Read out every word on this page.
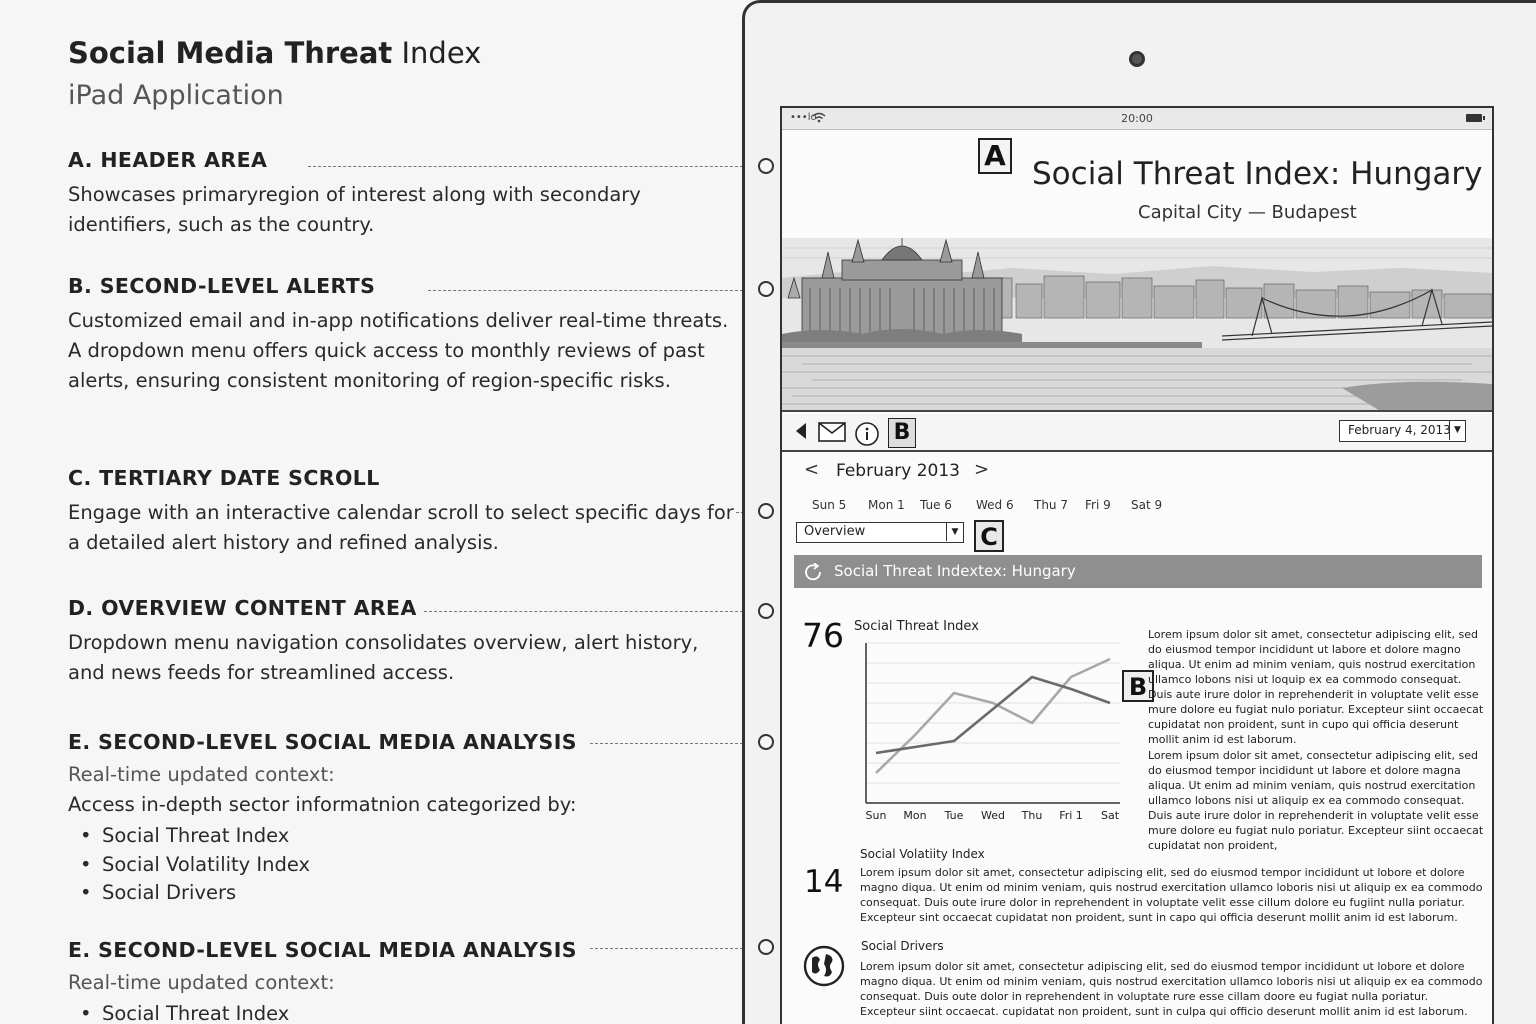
Social Media Threat Index
iPad Application
A. HEADER AREA

Showcases primaryregion of interest along with secondary identifiers, such as the country.

B. SECOND-LEVEL ALERTS

Customized email and in-app notifications deliver real-time threats. A dropdown menu offers quick access to monthly reviews of past alerts, ensuring consistent monitoring of region-specific risks.

C. TERTIARY DATE SCROLL

Engage with an interactive calendar scroll to select specific days for a detailed alert history and refined analysis.

D. OVERVIEW CONTENT AREA

Dropdown menu navigation consolidates overview, alert history, and news feeds for streamlined access.

E. SECOND-LEVEL SOCIAL MEDIA ANALYSIS
Real-time updated context:
Access in-depth sector informatnion categorized by:
• Social Threat Index
• Social Volatility Index
• Social Drivers
E. SECOND-LEVEL SOCIAL MEDIA ANALYSIS
Real-time updated context:
• Social Threat Index
•••lo	20:00
A
Social Threat Index: Hungary
Capital City — Budapest
B	February 4, 2013 ▼
< February 2013 >
Sun 5 Mon 1 Tue 6 Wed 6 Thu 7 Fri 9 Sat 9
Overview	▼ C
Social Threat Indextex: Hungary
76 Social Threat Index
Sun Mon Tue Wed Thu Fri 1 Sat
B
Lorem ipsum dolor sit amet, consectetur adipiscing elit, sed do eiusmod tempor incididunt ut labore et dolore magno aliqua. Ut enim ad minim veniam, quis nostrud exercitation ullamco lobons nisi ut loquip ex ea commodo consequat. Duis aute irure dolor in reprehenderit in voluptate velit esse mure dolore eu fugiat nulo poriatur. Excepteur siint occaecat cupidatat non proident, sunt in cupo qui officia deserunt mollit anim id est laborum.
Lorem ipsum dolor sit amet, consectetur adipiscing elit, sed do eiusmod tempor incididunt ut labore et dolore magna aliqua. Ut enim ad minim veniam, quis nostrud exercitation ullamco lobons nisi ut aliquip ex ea commodo consequat. Duis aute irure dolor in reprehenderit in voluptate velit esse mure dolore eu fugiat nulo poriatur. Excepteur siint occaecat cupidatat non proident,
Social Volatiity Index
14 Lorem ipsum dolor sit amet, consectetur adipiscing elit, sed do eiusmod tempor incididunt ut lobore et dolore magno diqua. Ut enim od minim veniam, quis nostrud exercitation ullamco loboris nisi ut aliquip ex ea commodo consequat. Duis oute irure dolor in reprehendent in voluptate velit esse cillum dolore eu fugiint nulla poriatur. Excepteur sint occaecat cupidatat non proident, sunt in capo qui officia deserunt mollit anim id est laborum.
Social Drivers
Lorem ipsum dolor sit amet, consectetur adipiscing elit, sed do eiusmod tempor incididunt ut lobore et dolore magno diqua. Ut enim od minim veniam, quis nostrud exercitation ullamco loboris nisi ut aliquip ex ea commodo consequat. Duis oute dolor in reprehendent in voluptate rure esse cillam doore eu fugiat nulla poriatur. Excepteur siint occaecat. cupidatat non proident, sunt in culpa qui officio deserunt mollit anim id est laborum.
